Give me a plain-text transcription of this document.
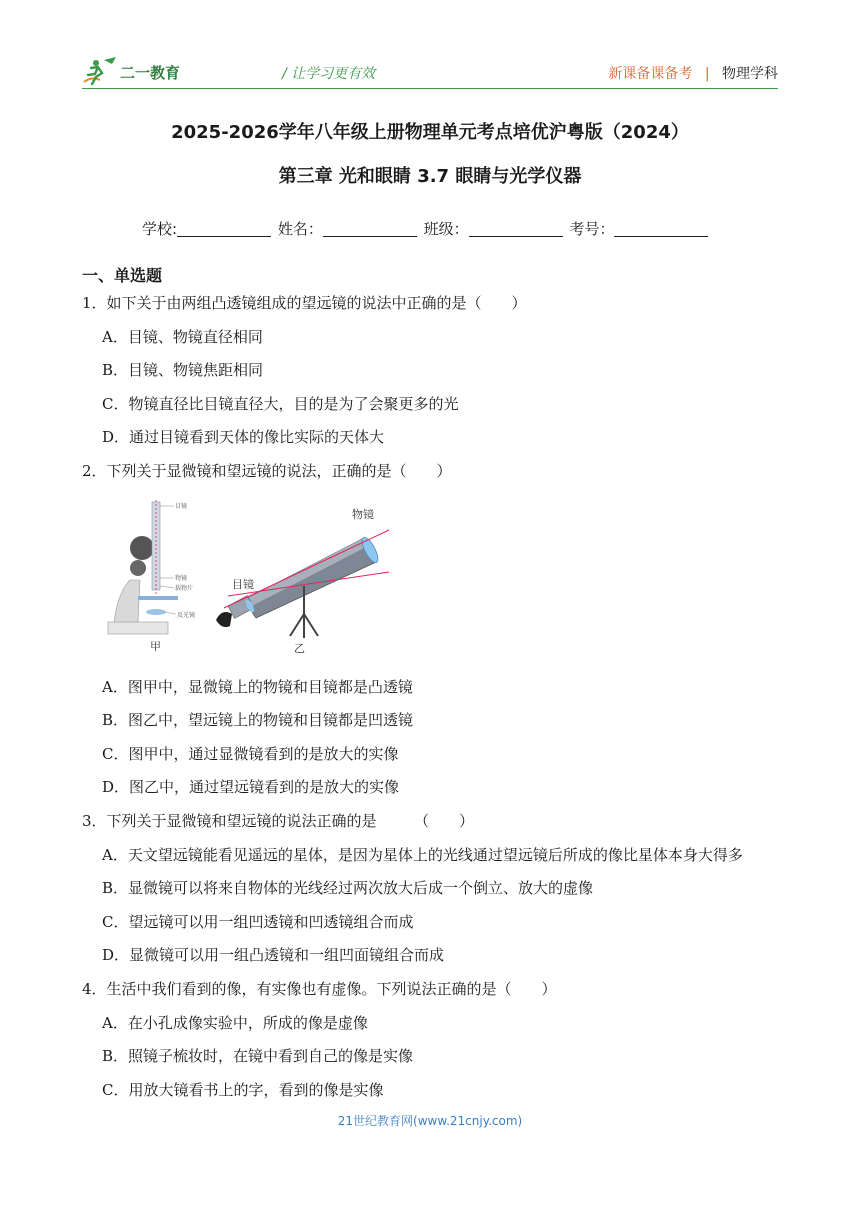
二一教育	/ 让学习更有效	新课备课备考 | 物理学科
2025-2026学年八年级上册物理单元考点培优沪粤版（2024）
第三章 光和眼睛 3.7 眼睛与光学仪器
学校:	姓名：	班级：	考号：
一、单选题
1．如下关于由两组凸透镜组成的望远镜的说法中正确的是（　　）
A．目镜、物镜直径相同
B．目镜、物镜焦距相同
C．物镜直径比目镜直径大，目的是为了会聚更多的光
D．通过目镜看到天体的像比实际的天体大
2．下列关于显微镜和望远镜的说法，正确的是（　　）
目镜
物镜
载物片
反光镜
甲
物镜
目镜
乙
A．图甲中，显微镜上的物镜和目镜都是凸透镜
B．图乙中，望远镜上的物镜和目镜都是凹透镜
C．图甲中，通过显微镜看到的是放大的实像
D．图乙中，通过望远镜看到的是放大的实像
3．下列关于显微镜和望远镜的说法正确的是　　　（　　）
A．天文望远镜能看见遥远的星体，是因为星体上的光线通过望远镜后所成的像比星体本身大得多
B．显微镜可以将来自物体的光线经过两次放大后成一个倒立、放大的虚像
C．望远镜可以用一组凹透镜和凹透镜组合而成
D．显微镜可以用一组凸透镜和一组凹面镜组合而成
4．生活中我们看到的像，有实像也有虚像。下列说法正确的是（　　）
A．在小孔成像实验中，所成的像是虚像
B．照镜子梳妆时，在镜中看到自己的像是实像
C．用放大镜看书上的字，看到的像是实像
21世纪教育网(www.21cnjy.com)
